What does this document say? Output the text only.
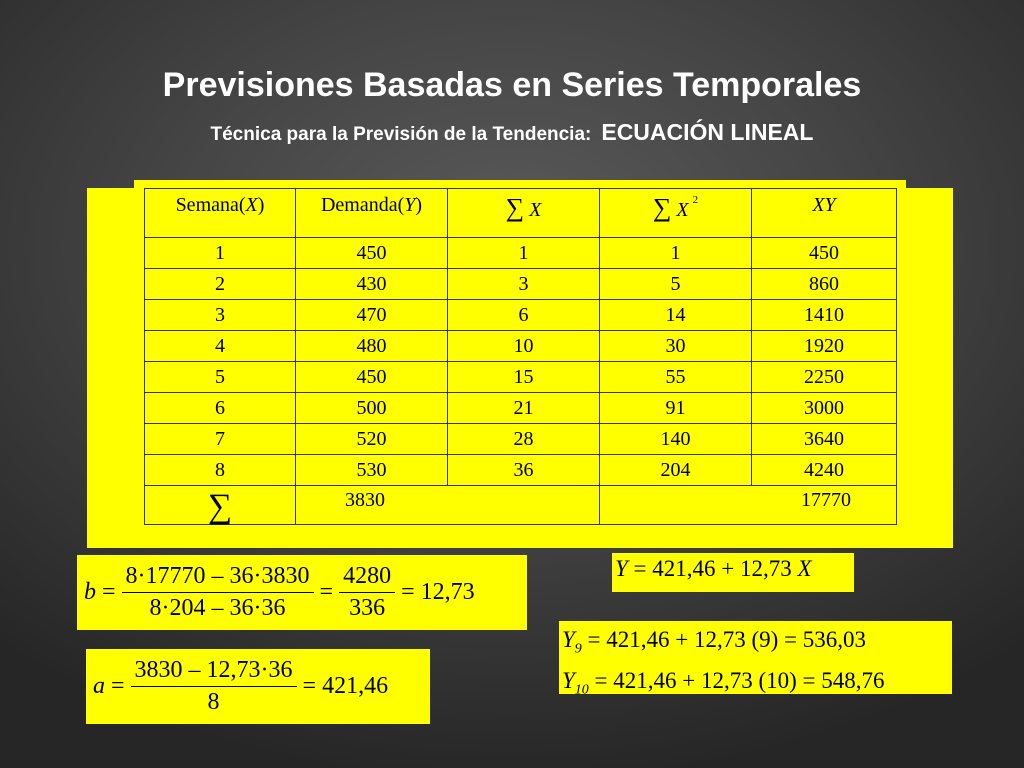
Previsiones Basadas en Series Temporales
Técnica para la Previsión de la Tendencia: ECUACIÓN LINEAL
Semana(X)	Demanda(Y)	∑ X	∑ X $^2$	XY
1	450	1	1	450
2	430	3	5	860
3	470	6	14	1410
4	480	10	30	1920
5	450	15	55	2250
6	500	21	91	3000
7	520	28	140	3640
8	530	36	204	4240
∑	3830		17770	
$b = \frac{8\cdot 17770 - 36\cdot 3830}{8\cdot 204 - 36\cdot 36} = \frac{4280}{336} = 12,73$
$a = \frac{3830 - 12,73\cdot 36}{8} = 421,46$
Y = 421,46 + 12,73 X
$Y_9 = 421,46 + 12,73$ (9) = 536,03
$Y_{10} = 421,46 + 12,73$ (10) = 548,76
